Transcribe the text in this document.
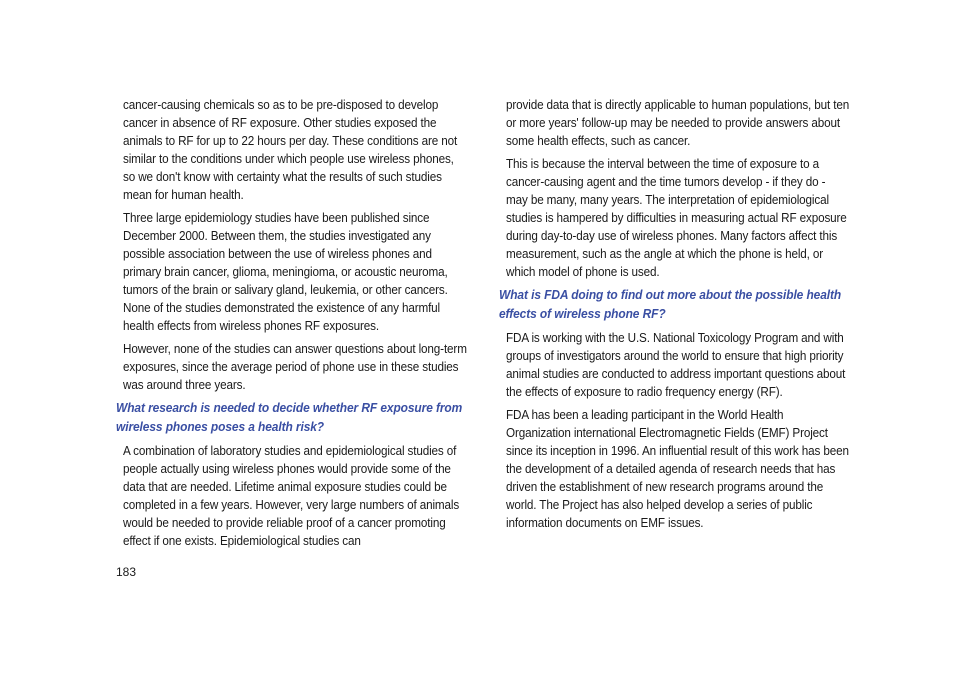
cancer-causing chemicals so as to be pre-disposed to develop cancer in absence of RF exposure. Other studies exposed the animals to RF for up to 22 hours per day. These conditions are not similar to the conditions under which people use wireless phones, so we don't know with certainty what the results of such studies mean for human health.

Three large epidemiology studies have been published since December 2000. Between them, the studies investigated any possible association between the use of wireless phones and primary brain cancer, glioma, meningioma, or acoustic neuroma, tumors of the brain or salivary gland, leukemia, or other cancers. None of the studies demonstrated the existence of any harmful health effects from wireless phones RF exposures.

However, none of the studies can answer questions about long-term exposures, since the average period of phone use in these studies was around three years.

What research is needed to decide whether RF exposure from wireless phones poses a health risk?

A combination of laboratory studies and epidemiological studies of people actually using wireless phones would provide some of the data that are needed. Lifetime animal exposure studies could be completed in a few years. However, very large numbers of animals would be needed to provide reliable proof of a cancer promoting effect if one exists. Epidemiological studies can

provide data that is directly applicable to human populations, but ten or more years' follow-up may be needed to provide answers about some health effects, such as cancer.

This is because the interval between the time of exposure to a cancer-causing agent and the time tumors develop - if they do - may be many, many years. The interpretation of epidemiological studies is hampered by difficulties in measuring actual RF exposure during day-to-day use of wireless phones. Many factors affect this measurement, such as the angle at which the phone is held, or which model of phone is used.

What is FDA doing to find out more about the possible health effects of wireless phone RF?

FDA is working with the U.S. National Toxicology Program and with groups of investigators around the world to ensure that high priority animal studies are conducted to address important questions about the effects of exposure to radio frequency energy (RF).

FDA has been a leading participant in the World Health Organization international Electromagnetic Fields (EMF) Project since its inception in 1996. An influential result of this work has been the development of a detailed agenda of research needs that has driven the establishment of new research programs around the world. The Project has also helped develop a series of public information documents on EMF issues.

183
